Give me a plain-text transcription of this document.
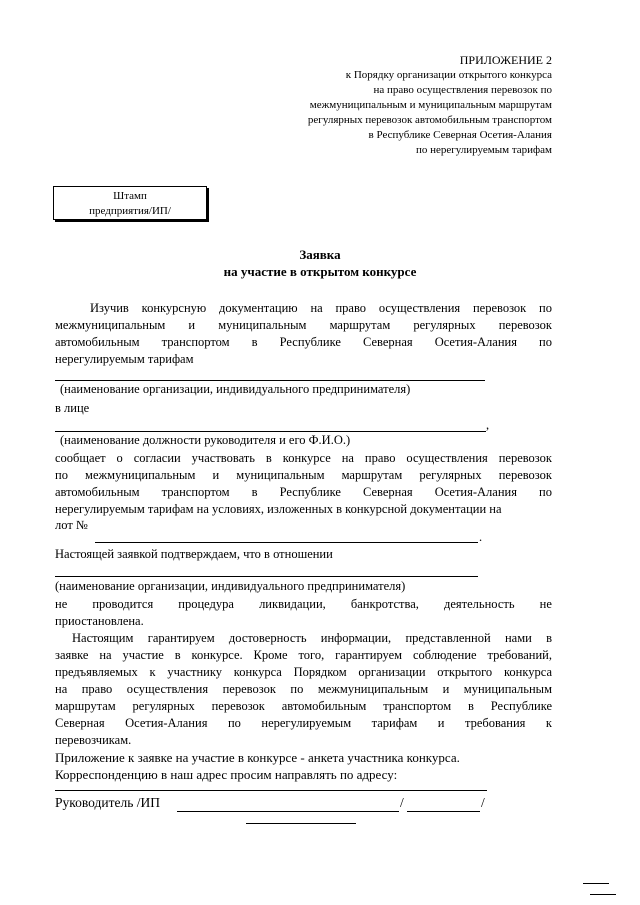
ПРИЛОЖЕНИЕ 2
к Порядку организации открытого конкурса
на право осуществления перевозок по
межмуниципальным и муниципальным маршрутам
регулярных перевозок автомобильным транспортом
в Республике Северная Осетия-Алания
по нерегулируемым тарифам
Штамп
предприятия/ИП/
Заявка
на участие в открытом конкурсе
Изучив конкурсную документацию на право осуществления перевозок по
межмуниципальным и муниципальным маршрутам регулярных перевозок
автомобильным транспортом в Республике Северная Осетия-Алания по
нерегулируемым тарифам
(наименование организации, индивидуального предпринимателя)
в лице
,
(наименование должности руководителя и его Ф.И.О.)
сообщает о согласии участвовать в конкурсе на право осуществления перевозок
по межмуниципальным и муниципальным маршрутам регулярных перевозок
автомобильным транспортом в Республике Северная Осетия-Алания по
нерегулируемым тарифам на условиях, изложенных в конкурсной документации на
лот №
.
Настоящей заявкой подтверждаем, что в отношении
(наименование организации, индивидуального предпринимателя)
не проводится процедура ликвидации, банкротства, деятельность не
приостановлена.
Настоящим гарантируем достоверность информации, представленной нами в
заявке на участие в конкурсе. Кроме того, гарантируем соблюдение требований,
предъявляемых к участнику конкурса Порядком организации открытого конкурса
на право осуществления перевозок по межмуниципальным и муниципальным
маршрутам регулярных перевозок автомобильным транспортом в Республике
Северная Осетия-Алания по нерегулируемым тарифам и требования к
перевозчикам.
Приложение к заявке на участие в конкурсе - анкета участника конкурса.
Корреспонденцию в наш адрес просим направлять по адресу:
Руководитель /ИП	/	/
